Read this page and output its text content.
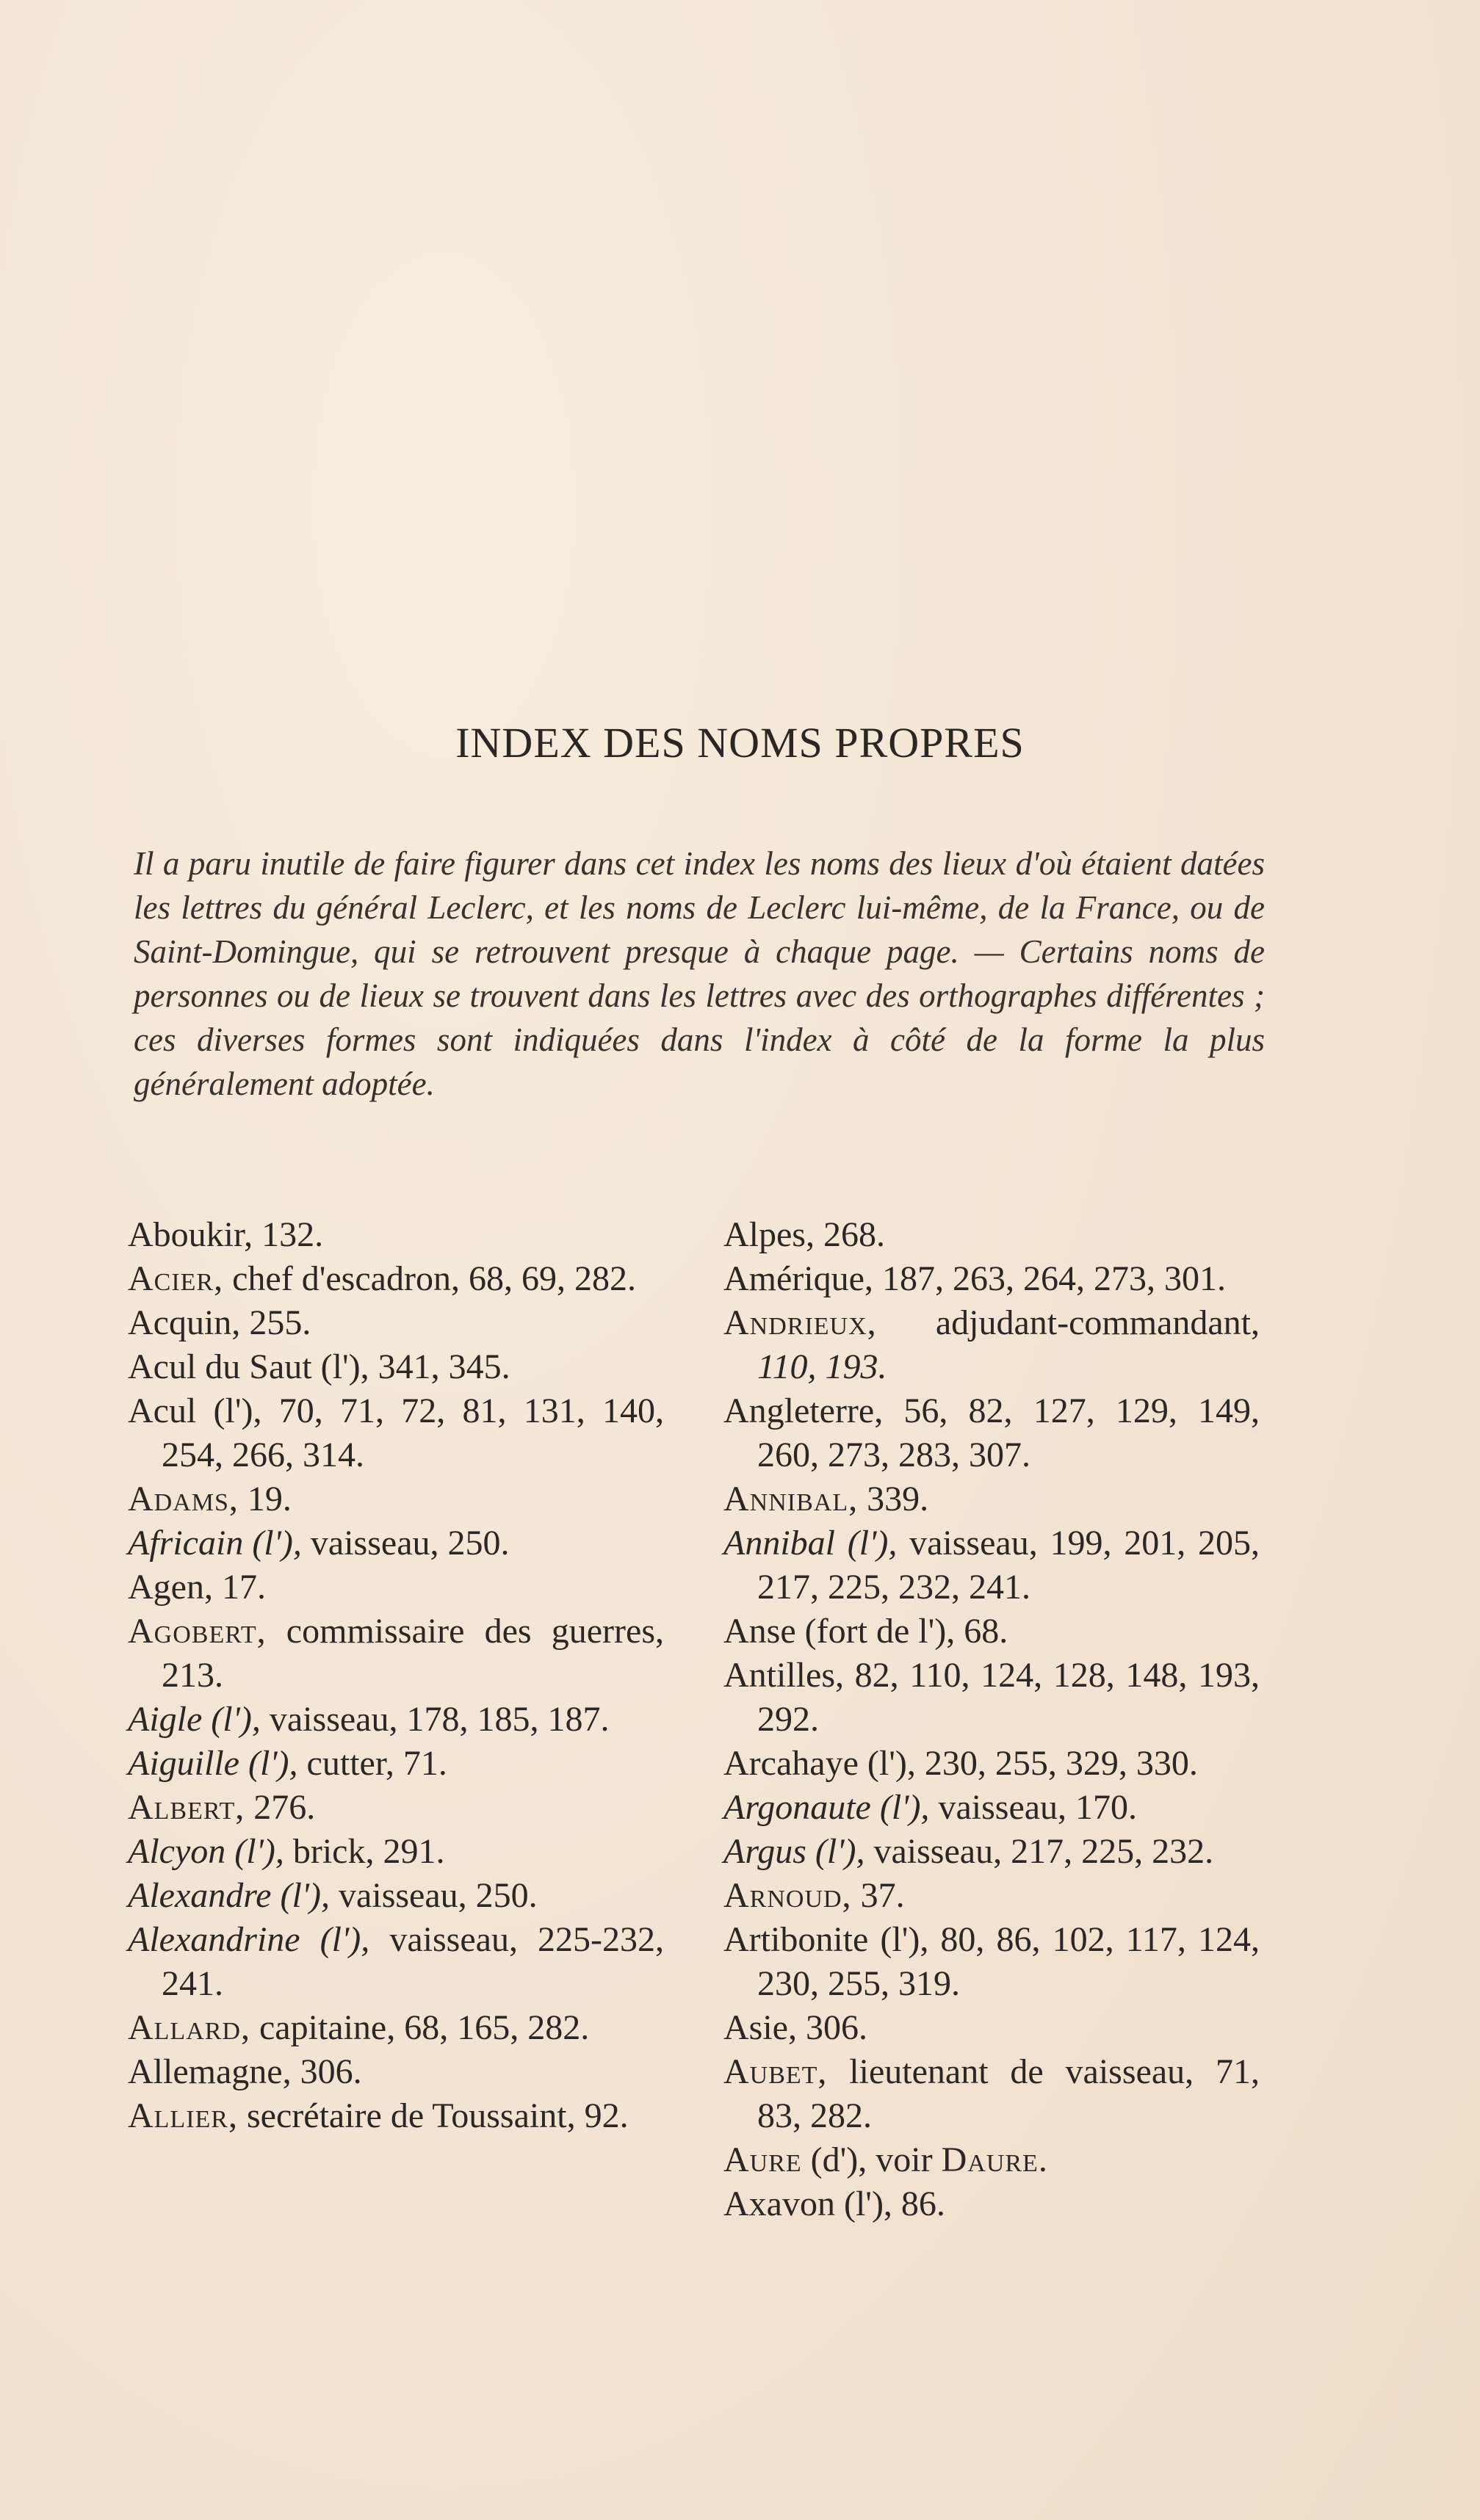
INDEX DES NOMS PROPRES
Il a paru inutile de faire figurer dans cet index les noms des lieux d'où étaient datées les lettres du général Leclerc, et les noms de Leclerc lui-même, de la France, ou de Saint-Domingue, qui se retrouvent presque à chaque page. — Certains noms de personnes ou de lieux se trouvent dans les lettres avec des orthographes différentes ; ces diverses formes sont indiquées dans l'index à côté de la forme la plus généralement adoptée.

Aboukir, 132.

Acier, chef d'escadron, 68, 69, 282.

Acquin, 255.

Acul du Saut (l'), 341, 345.

Acul (l'), 70, 71, 72, 81, 131, 140, 254, 266, 314.

Adams, 19.

Africain (l'), vaisseau, 250.

Agen, 17.

Agobert, commissaire des guerres, 213.

Aigle (l'), vaisseau, 178, 185, 187.

Aiguille (l'), cutter, 71.

Albert, 276.

Alcyon (l'), brick, 291.

Alexandre (l'), vaisseau, 250.

Alexandrine (l'), vaisseau, 225-232, 241.

Allard, capitaine, 68, 165, 282.

Allemagne, 306.

Allier, secrétaire de Toussaint, 92.

Alpes, 268.

Amérique, 187, 263, 264, 273, 301.

Andrieux, adjudant-commandant, 110, 193.

Angleterre, 56, 82, 127, 129, 149, 260, 273, 283, 307.

Annibal, 339.

Annibal (l'), vaisseau, 199, 201, 205, 217, 225, 232, 241.

Anse (fort de l'), 68.

Antilles, 82, 110, 124, 128, 148, 193, 292.

Arcahaye (l'), 230, 255, 329, 330.

Argonaute (l'), vaisseau, 170.

Argus (l'), vaisseau, 217, 225, 232.

Arnoud, 37.

Artibonite (l'), 80, 86, 102, 117, 124, 230, 255, 319.

Asie, 306.

Aubet, lieutenant de vaisseau, 71, 83, 282.

Aure (d'), voir Daure.

Axavon (l'), 86.
